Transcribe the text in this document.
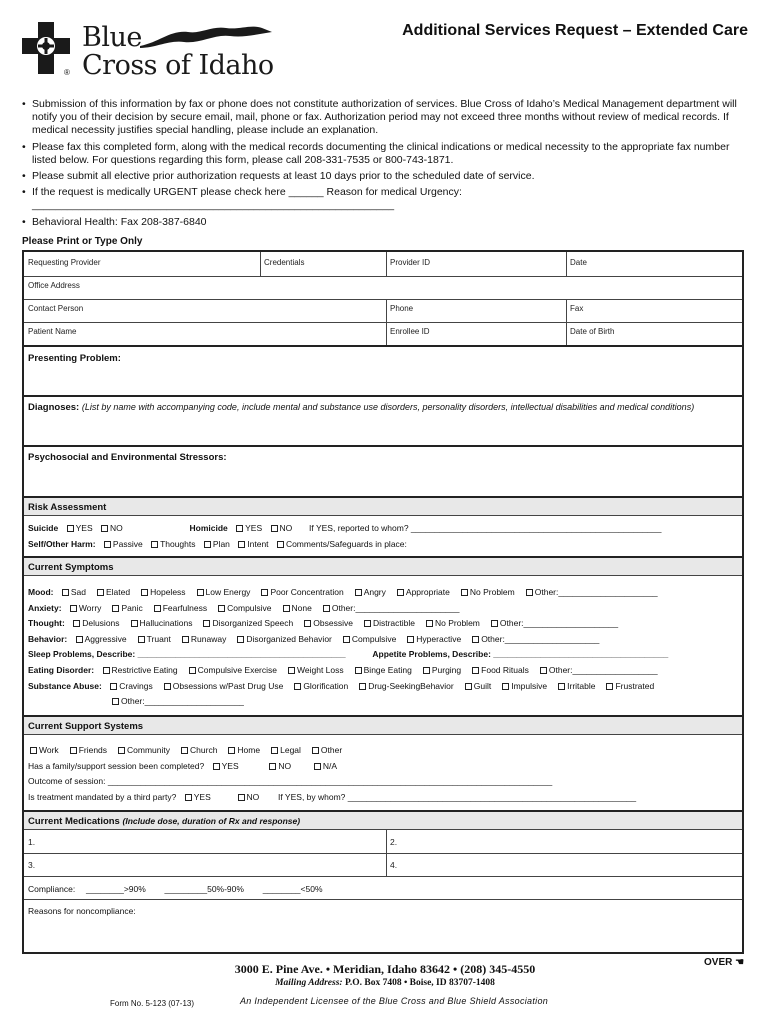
Blue
Cross of Idaho
®
Additional Services Request – Extended Care
• Submission of this information by fax or phone does not constitute authorization of services. Blue Cross of Idaho’s Medical Management department will notify you of their decision by secure email, mail, phone or fax. Authorization period may not exceed three months without review of medical records. If medical necessity justifies special handling, please include an explanation.
• Please fax this completed form, along with the medical records documenting the clinical indications or medical necessity to the appropriate fax number listed below. For questions regarding this form, please call 208-331-7535 or 800-743-1871.
• Please submit all elective prior authorization requests at least 10 days prior to the scheduled date of service.
• If the request is medically URGENT please check here ______ Reason for medical Urgency: ______________________________________________________________
• Behavioral Health: Fax 208-387-6840
Please Print or Type Only
Requesting Provider	Credentials	Provider ID	Date
Office Address
Contact Person	Phone	Fax
Patient Name	Enrollee ID	Date of Birth
Presenting Problem:
Diagnoses: (List by name with accompanying code, include mental and substance use disorders, personality disorders, intellectual disabilities and medical conditions)
Psychosocial and Environmental Stressors:
Risk Assessment
Suicide YES NO	Homicide YES NO If YES, reported to whom? _____________________________________________________
Self/Other Harm: Passive Thoughts Plan Intent Comments/Safeguards in place:
Current Symptoms
Mood: Sad Elated Hopeless Low Energy Poor Concentration Angry Appropriate No Problem Other:_____________________
Anxiety: Worry Panic Fearfulness Compulsive None Other:______________________
Thought: Delusions Hallucinations Disorganized Speech Obsessive Distractible No Problem Other:____________________
Behavior: Aggressive Truant Runaway Disorganized Behavior Compulsive Hyperactive Other:____________________
Sleep Problems, Describe: ____________________________________________	Appetite Problems, Describe: _____________________________________
Eating Disorder: Restrictive Eating Compulsive Exercise Weight Loss Binge Eating Purging Food Rituals Other:__________________
Substance Abuse: Cravings Obsessions w/Past Drug Use Glorification Drug-SeekingBehavior Guilt Impulsive Irritable Frustrated
Other:_____________________
Current Support Systems
Work Friends Community Church Home Legal Other
Has a family/support session been completed? YES	NO	N/A
Outcome of session: ______________________________________________________________________________________________
Is treatment mandated by a third party? YES	NO If YES, by whom? _____________________________________________________________
Current Medications (Include dose, duration of Rx and response)
1.	2.
3.	4.
Compliance: ________>90% _________50%-90% ________<50%
Reasons for noncompliance:
OVER ☚
3000 E. Pine Ave. • Meridian, Idaho 83642 • (208) 345-4550
Mailing Address: P.O. Box 7408 • Boise, ID 83707-1408
Form No. 5-123 (07-13)	An Independent Licensee of the Blue Cross and Blue Shield Association
